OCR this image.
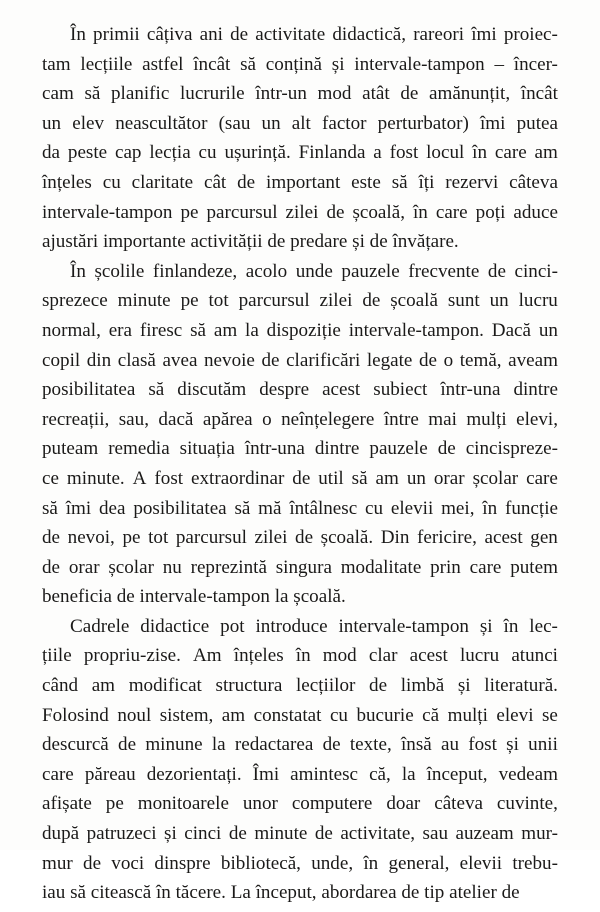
În primii câțiva ani de activitate didactică, rareori îmi proiec-
tam lecțiile astfel încât să conțină și intervale-tampon – încer-
cam să planific lucrurile într-un mod atât de amănunțit, încât
un elev neascultător (sau un alt factor perturbator) îmi putea
da peste cap lecția cu ușurință. Finlanda a fost locul în care am
înțeles cu claritate cât de important este să îți rezervi câteva
intervale-tampon pe parcursul zilei de școală, în care poți aduce
ajustări importante activității de predare și de învățare.
În școlile finlandeze, acolo unde pauzele frecvente de cinci-
sprezece minute pe tot parcursul zilei de școală sunt un lucru
normal, era firesc să am la dispoziție intervale-tampon. Dacă un
copil din clasă avea nevoie de clarificări legate de o temă, aveam
posibilitatea să discutăm despre acest subiect într-una dintre
recreații, sau, dacă apărea o neînțelegere între mai mulți elevi,
puteam remedia situația într-una dintre pauzele de cincispreze-
ce minute. A fost extraordinar de util să am un orar școlar care
să îmi dea posibilitatea să mă întâlnesc cu elevii mei, în funcție
de nevoi, pe tot parcursul zilei de școală. Din fericire, acest gen
de orar școlar nu reprezintă singura modalitate prin care putem
beneficia de intervale-tampon la școală.
Cadrele didactice pot introduce intervale-tampon și în lec-
țiile propriu-zise. Am înțeles în mod clar acest lucru atunci
când am modificat structura lecțiilor de limbă și literatură.
Folosind noul sistem, am constatat cu bucurie că mulți elevi se
descurcă de minune la redactarea de texte, însă au fost și unii
care păreau dezorientați. Îmi amintesc că, la început, vedeam
afișate pe monitoarele unor computere doar câteva cuvinte,
după patruzeci și cinci de minute de activitate, sau auzeam mur-
mur de voci dinspre bibliotecă, unde, în general, elevii trebu-
iau să citească în tăcere. La început, abordarea de tip atelier de
